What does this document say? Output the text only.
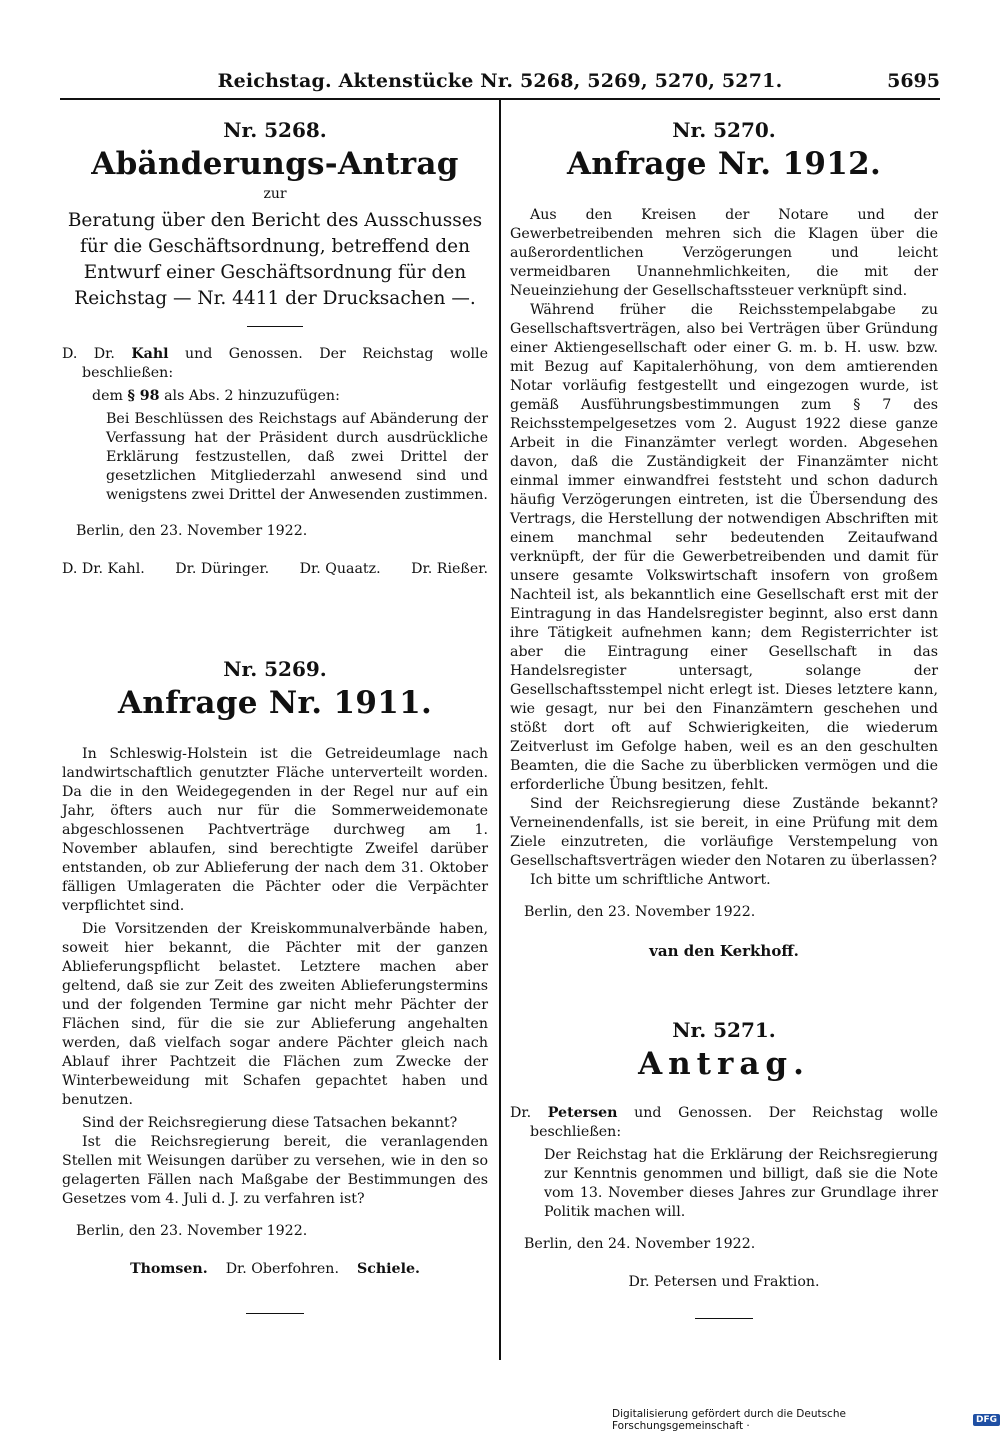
Reichstag. Aktenstücke Nr. 5268, 5269, 5270, 5271.	5695
Nr. 5268.
Abänderungs-Antrag
zur
Beratung über den Bericht des Ausschusses für die Geschäftsordnung, betreffend den Entwurf einer Geschäftsordnung für den Reichstag — Nr. 4411 der Drucksachen —.

D. Dr. Kahl und Genossen. Der Reichstag wolle beschließen:

dem § 98 als Abs. 2 hinzuzufügen:

Bei Beschlüssen des Reichstags auf Abänderung der Verfassung hat der Präsident durch ausdrückliche Erklärung festzustellen, daß zwei Drittel der gesetzlichen Mitgliederzahl anwesend sind und wenigstens zwei Drittel der Anwesenden zustimmen.

Berlin, den 23. November 1922.

D. Dr. Kahl. Dr. Düringer. Dr. Quaatz. Dr. Rießer.
Nr. 5269.
Anfrage Nr. 1911.

In Schleswig-Holstein ist die Getreideumlage nach landwirtschaftlich genutzter Fläche unterverteilt worden. Da die in den Weidegegenden in der Regel nur auf ein Jahr, öfters auch nur für die Sommerweidemonate abgeschlossenen Pachtverträge durchweg am 1. November ablaufen, sind berechtigte Zweifel darüber entstanden, ob zur Ablieferung der nach dem 31. Oktober fälligen Umlageraten die Pächter oder die Verpächter verpflichtet sind.

Die Vorsitzenden der Kreiskommunalverbände haben, soweit hier bekannt, die Pächter mit der ganzen Ablieferungspflicht belastet. Letztere machen aber geltend, daß sie zur Zeit des zweiten Ablieferungstermins und der folgenden Termine gar nicht mehr Pächter der Flächen sind, für die sie zur Ablieferung angehalten werden, daß vielfach sogar andere Pächter gleich nach Ablauf ihrer Pachtzeit die Flächen zum Zwecke der Winterbeweidung mit Schafen gepachtet haben und benutzen.

Sind der Reichsregierung diese Tatsachen bekannt?

Ist die Reichsregierung bereit, die veranlagenden Stellen mit Weisungen darüber zu versehen, wie in den so gelagerten Fällen nach Maßgabe der Bestimmungen des Gesetzes vom 4. Juli d. J. zu verfahren ist?

Berlin, den 23. November 1922.

Thomsen. Dr. Oberfohren. Schiele.
Nr. 5270.
Anfrage Nr. 1912.

Aus den Kreisen der Notare und der Gewerbetreibenden mehren sich die Klagen über die außerordentlichen Verzögerungen und leicht vermeidbaren Unannehmlichkeiten, die mit der Neueinziehung der Gesellschaftssteuer verknüpft sind.

Während früher die Reichsstempelabgabe zu Gesellschaftsverträgen, also bei Verträgen über Gründung einer Aktiengesellschaft oder einer G. m. b. H. usw. bzw. mit Bezug auf Kapitalerhöhung, von dem amtierenden Notar vorläufig festgestellt und eingezogen wurde, ist gemäß Ausführungsbestimmungen zum § 7 des Reichsstempelgesetzes vom 2. August 1922 diese ganze Arbeit in die Finanzämter verlegt worden. Abgesehen davon, daß die Zuständigkeit der Finanzämter nicht einmal immer einwandfrei feststeht und schon dadurch häufig Verzögerungen eintreten, ist die Übersendung des Vertrags, die Herstellung der notwendigen Abschriften mit einem manchmal sehr bedeutenden Zeitaufwand verknüpft, der für die Gewerbetreibenden und damit für unsere gesamte Volkswirtschaft insofern von großem Nachteil ist, als bekanntlich eine Gesellschaft erst mit der Eintragung in das Handelsregister beginnt, also erst dann ihre Tätigkeit aufnehmen kann; dem Registerrichter ist aber die Eintragung einer Gesellschaft in das Handelsregister untersagt, solange der Gesellschaftsstempel nicht erlegt ist. Dieses letztere kann, wie gesagt, nur bei den Finanzämtern geschehen und stößt dort oft auf Schwierigkeiten, die wiederum Zeitverlust im Gefolge haben, weil es an den geschulten Beamten, die die Sache zu überblicken vermögen und die erforderliche Übung besitzen, fehlt.

Sind der Reichsregierung diese Zustände bekannt? Verneinendenfalls, ist sie bereit, in eine Prüfung mit dem Ziele einzutreten, die vorläufige Verstempelung von Gesellschaftsverträgen wieder den Notaren zu überlassen?

Ich bitte um schriftliche Antwort.

Berlin, den 23. November 1922.

van den Kerkhoff.
Nr. 5271.
Antrag.

Dr. Petersen und Genossen. Der Reichstag wolle beschließen:

Der Reichstag hat die Erklärung der Reichsregierung zur Kenntnis genommen und billigt, daß sie die Note vom 13. November dieses Jahres zur Grundlage ihrer Politik machen will.

Berlin, den 24. November 1922.

Dr. Petersen und Fraktion.
Digitalisierung gefördert durch die Deutsche Forschungsgemeinschaft ·	DFG
